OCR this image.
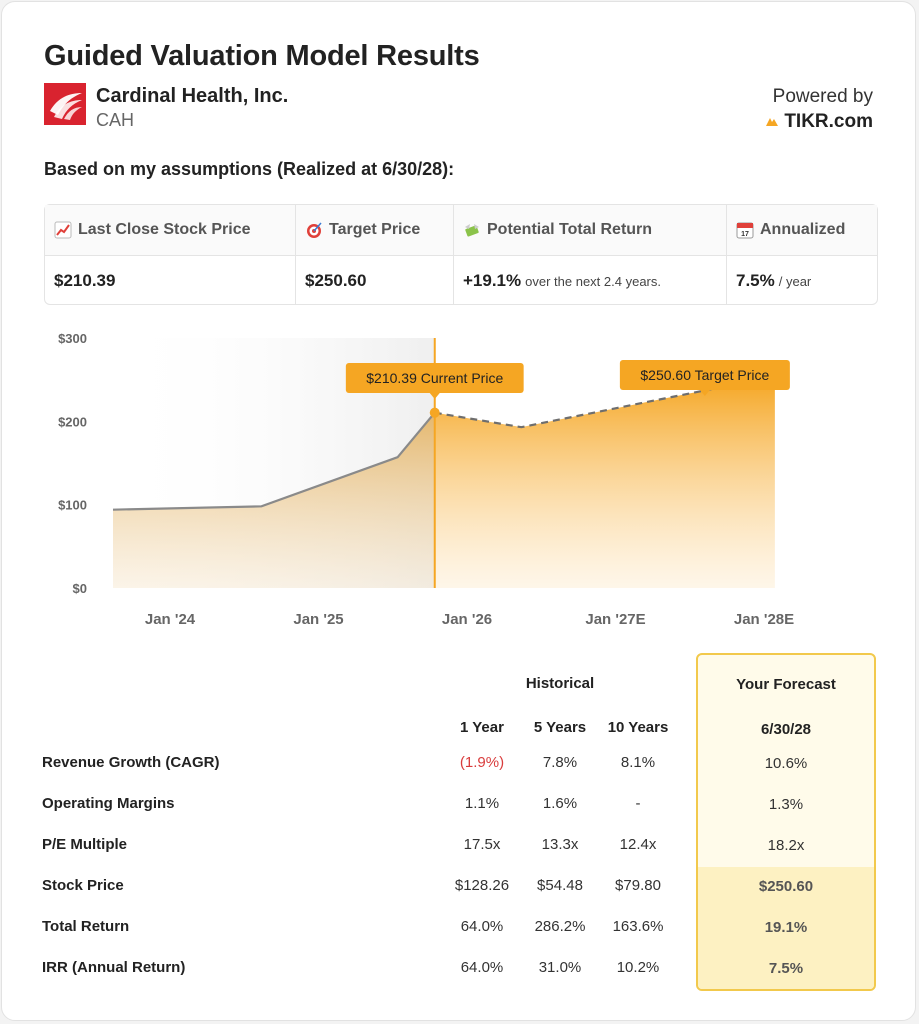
Guided Valuation Model Results
Cardinal Health, Inc.
CAH
Powered by
TIKR.com
Based on my assumptions (Realized at 6/30/28):
Last Close Stock Price
$210.39
Target Price
$250.60
Potential Total Return
+19.1% over the next 2.4 years.
17 Annualized
7.5% / year
$0
$100
$200
$300
Jan '24	Jan '25	Jan '26	Jan '27E	Jan '28E
$210.39 Current Price	$250.60 Target Price
Historical	Your Forecast
1 Year	5 Years	10 Years	6/30/28
Revenue Growth (CAGR)	(1.9%)	7.8%	8.1%	10.6%
Operating Margins	1.1%	1.6%	-	1.3%
P/E Multiple	17.5x	13.3x	12.4x	18.2x
Stock Price	$128.26	$54.48	$79.80	$250.60
Total Return	64.0%	286.2%	163.6%	19.1%
IRR (Annual Return)	64.0%	31.0%	10.2%	7.5%
